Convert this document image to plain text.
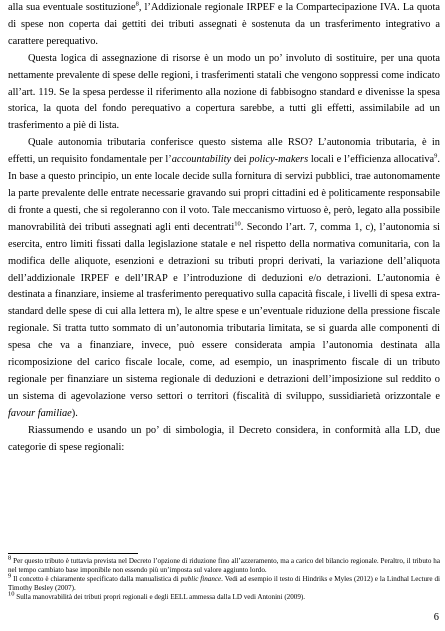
alla sua eventuale sostituzione$^8$, l’Addizionale regionale IRPEF e la Compartecipazione IVA. La quota di spese non coperta dai gettiti dei tributi assegnati è sostenuta da un trasferimento integrativo a carattere perequativo.

Questa logica di assegnazione di risorse è un modo un po’ involuto di sostituire, per una quota nettamente prevalente di spese delle regioni, i trasferimenti statali che vengono soppressi come indicato all’art. 119. Se la spesa perdesse il riferimento alla nozione di fabbisogno standard e divenisse la spesa storica, la quota del fondo perequativo a copertura sarebbe, a tutti gli effetti, assimilabile ad un trasferimento a piè di lista.

Quale autonomia tributaria conferisce questo sistema alle RSO? L’autonomia tributaria, è in effetti, un requisito fondamentale per l’accountability dei policy-makers locali e l’efficienza allocativa$^9$. In base a questo principio, un ente locale decide sulla fornitura di servizi pubblici, trae autonomamente la parte prevalente delle entrate necessarie gravando sui propri cittadini ed è politicamente responsabile di fronte a questi, che si regoleranno con il voto. Tale meccanismo virtuoso è, però, legato alla possibile manovrabilità dei tributi assegnati agli enti decentrati$^{10}$. Secondo l’art. 7, comma 1, c), l’autonomia si esercita, entro limiti fissati dalla legislazione statale e nel rispetto della normativa comunitaria, con la modifica delle aliquote, esenzioni e detrazioni su tributi propri derivati, la variazione dell’aliquota dell’addizionale IRPEF e dell’IRAP e l’introduzione di deduzioni e/o detrazioni. L’autonomia è destinata a finanziare, insieme al trasferimento perequativo sulla capacità fiscale, i livelli di spesa extra-standard delle spese di cui alla lettera m), le altre spese e un’eventuale riduzione della pressione fiscale regionale. Si tratta tutto sommato di un’autonomia tributaria limitata, se si guarda alle componenti di spesa che va a finanziare, invece, può essere considerata ampia l’autonomia destinata alla ricomposizione del carico fiscale locale, come, ad esempio, un inasprimento fiscale di un tributo regionale per finanziare un sistema regionale di deduzioni e detrazioni dell’imposizione sul reddito o un sistema di agevolazione verso settori o territori (fiscalità di sviluppo, sussidiarietà orizzontale e favour familiae).

Riassumendo e usando un po’ di simbologia, il Decreto considera, in conformità alla LD, due categorie di spese regionali:

$^8$ Per questo tributo è tuttavia prevista nel Decreto l’opzione di riduzione fino all’azzeramento, ma a carico del bilancio regionale. Peraltro, il tributo ha nel tempo cambiato base imponibile non essendo più un’imposta sul valore aggiunto lordo.

$^9$ Il concetto è chiaramente specificato dalla manualistica di public finance. Vedi ad esempio il testo di Hindriks e Myles (2012) e la Lindhal Lecture di Timothy Besley (2007).

$^{10}$ Sulla manovrabilità dei tributi propri regionali e degli EELL ammessa dalla LD vedi Antonini (2009).

6
